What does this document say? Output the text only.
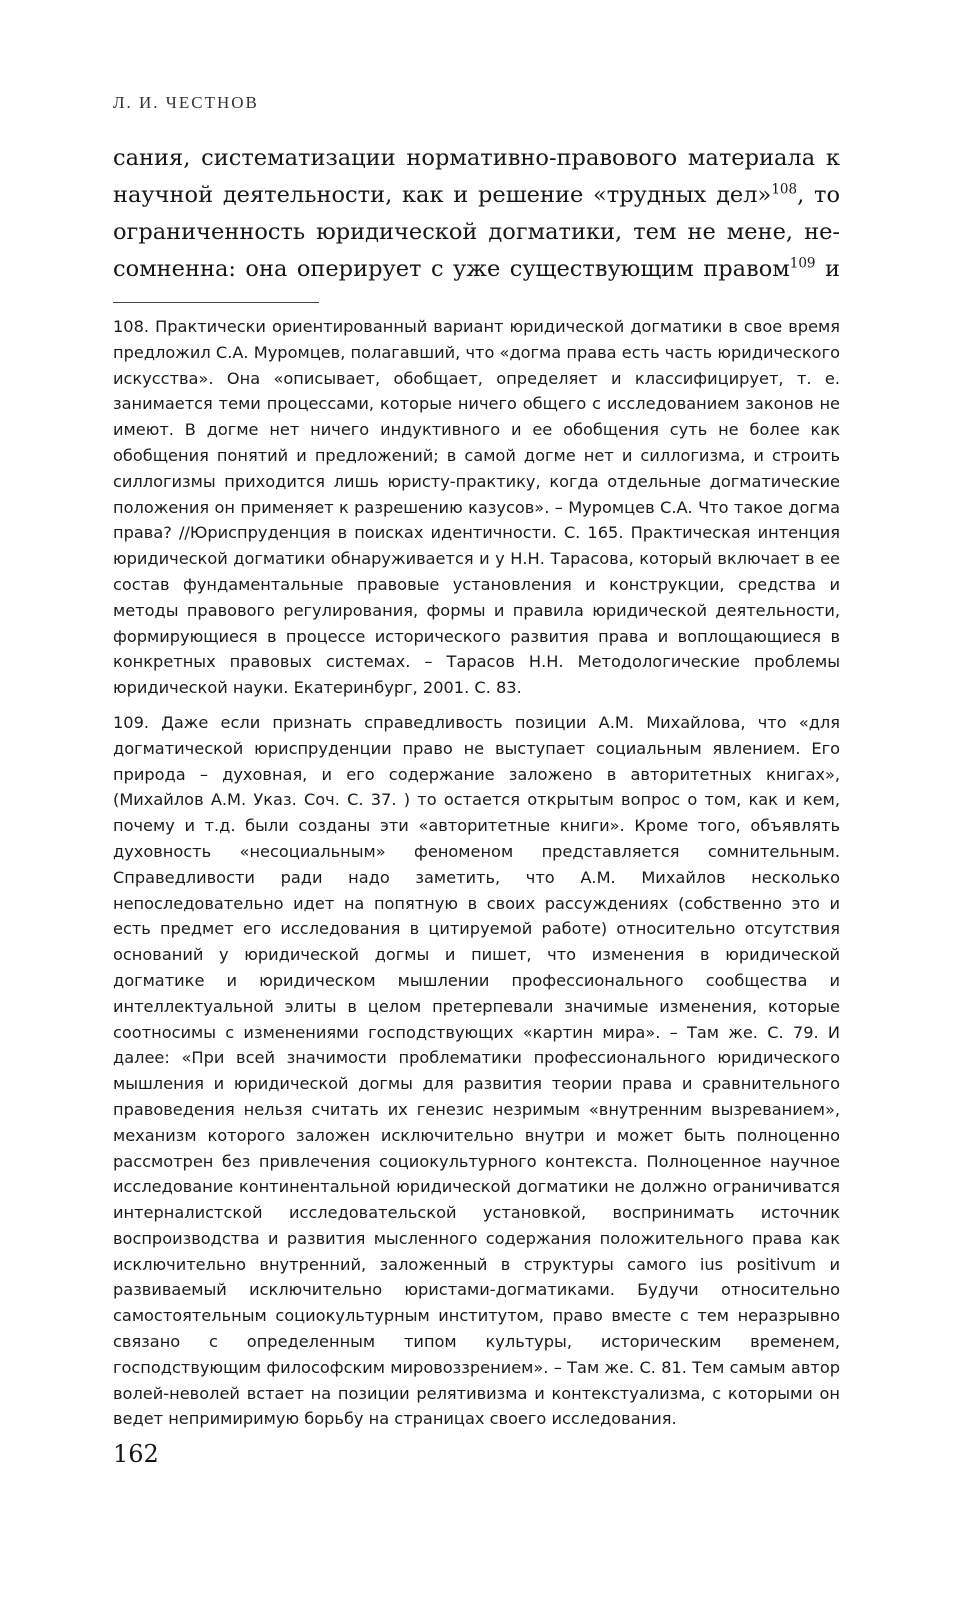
Л. И. ЧЕСТНОВ
сания, систематизации нормативно-правового материала к
научной деятельности, как и решение «трудных дел»$^{108}$, то
ограниченность юридической догматики, тем не мене, не-
сомненна: она оперирует с уже существующим правом$^{109}$ и

108. Практически ориентированный вариант юридической догматики в свое время предложил С.А. Муромцев, полагавший, что «догма права есть часть юридического искусства». Она «описывает, обобщает, определяет и классифицирует, т. е. занимается теми процессами, которые ничего общего с исследованием законов не имеют. В догме нет ничего индуктивного и ее обобщения суть не более как обобщения понятий и предложений; в самой догме нет и силлогизма, и строить силлогизмы приходится лишь юристу-практику, когда отдельные догматические положения он применяет к разрешению казусов». – Муромцев С.А. Что такое догма права? //Юриспруденция в поисках идентичности. С. 165. Практическая интенция юридической догматики обнаруживается и у Н.Н. Тарасова, который включает в ее состав фундаментальные правовые установления и конструкции, средства и методы правового регулирования, формы и правила юридической деятельности, формирующиеся в процессе исторического развития права и воплощающиеся в конкретных правовых системах. – Тарасов Н.Н. Методологические проблемы юридической науки. Екатеринбург, 2001. С. 83.

109. Даже если признать справедливость позиции А.М. Михайлова, что «для догматической юриспруденции право не выступает социальным явлением. Его природа – духовная, и его содержание заложено в авторитетных книгах», (Михайлов А.М. Указ. Соч. С. 37. ) то остается открытым вопрос о том, как и кем, почему и т.д. были созданы эти «авторитетные книги». Кроме того, объявлять духовность «несоциальным» феноменом представляется сомнительным. Справедливости ради надо заметить, что А.М. Михайлов несколько непоследовательно идет на попятную в своих рассуждениях (собственно это и есть предмет его исследования в цитируемой работе) относительно отсутствия оснований у юридической догмы и пишет, что изменения в юридической догматике и юридическом мышлении профессионального сообщества и интеллектуальной элиты в целом претерпевали значимые изменения, которые соотносимы с изменениями господствующих «картин мира». – Там же. С. 79. И далее: «При всей значимости проблематики профессионального юридического мышления и юридической догмы для развития теории права и сравнительного правоведения нельзя считать их генезис незримым «внутренним вызреванием», механизм которого заложен исключительно внутри и может быть полноценно рассмотрен без привлечения социокультурного контекста. Полноценное научное исследование континентальной юридической догматики не должно ограничиватся интерналистской исследовательской установкой, воспринимать источник воспроизводства и развития мысленного содержания положительного права как исключительно внутренний, заложенный в структуры самого ius positivum и развиваемый исключительно юристами-догматиками. Будучи относительно самостоятельным социокультурным институтом, право вместе с тем неразрывно связано с определенным типом культуры, историческим временем, господствующим философским мировоззрением». – Там же. С. 81. Тем самым автор волей-неволей встает на позиции релятивизма и контекстуализма, с которыми он ведет непримиримую борьбу на страницах своего исследования.

162
